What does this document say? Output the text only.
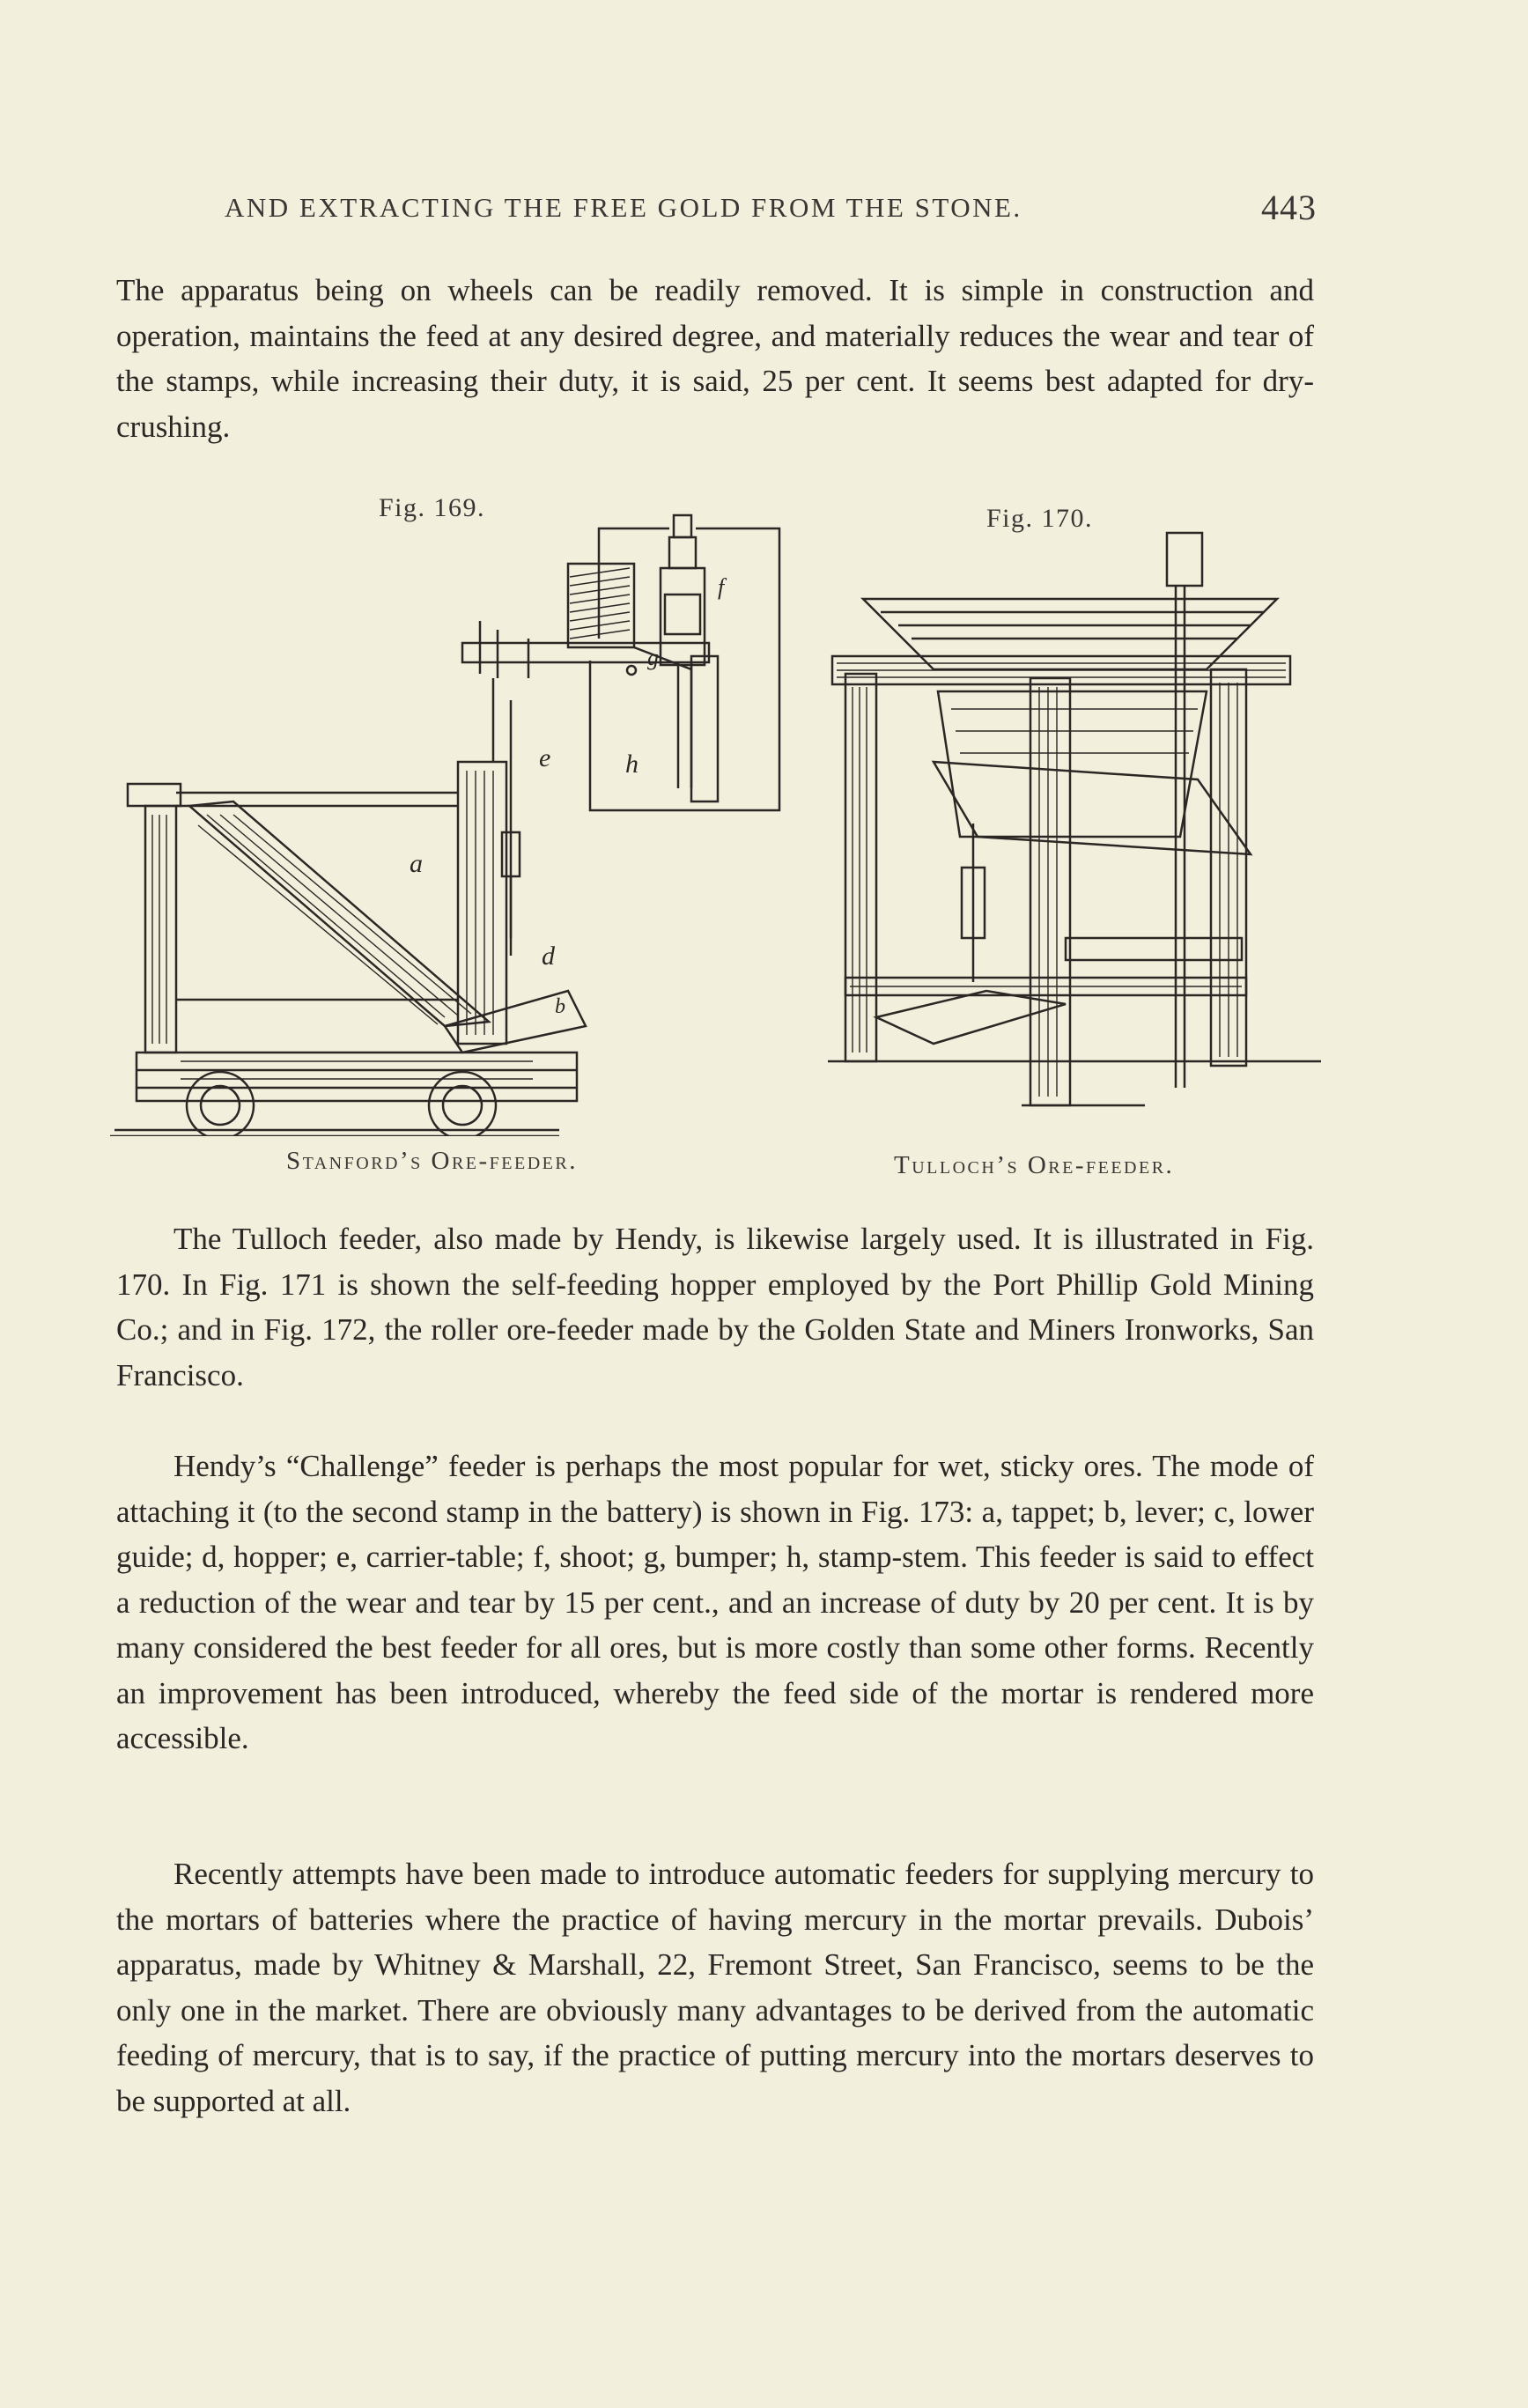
AND EXTRACTING THE FREE GOLD FROM THE STONE.	443

The apparatus being on wheels can be readily removed. It is simple in construction and operation, maintains the feed at any desired degree, and materially reduces the wear and tear of the stamps, while increasing their duty, it is said, 25 per cent. It seems best adapted for dry-crushing.

Fig. 169.	Fig. 170.
a
b
d
e
f
g
h
Stanford’s Ore-feeder.	Tulloch’s Ore-feeder.

The Tulloch feeder, also made by Hendy, is likewise largely used. It is illustrated in Fig. 170. In Fig. 171 is shown the self-feeding hopper employed by the Port Phillip Gold Mining Co.; and in Fig. 172, the roller ore-feeder made by the Golden State and Miners Ironworks, San Francisco.

Hendy’s “Challenge” feeder is perhaps the most popular for wet, sticky ores. The mode of attaching it (to the second stamp in the battery) is shown in Fig. 173: a, tappet; b, lever; c, lower guide; d, hopper; e, carrier-table; f, shoot; g, bumper; h, stamp-stem. This feeder is said to effect a reduction of the wear and tear by 15 per cent., and an increase of duty by 20 per cent. It is by many considered the best feeder for all ores, but is more costly than some other forms. Recently an improvement has been introduced, whereby the feed side of the mortar is rendered more accessible.

Recently attempts have been made to introduce automatic feeders for supplying mercury to the mortars of batteries where the practice of having mercury in the mortar prevails. Dubois’ apparatus, made by Whitney & Marshall, 22, Fremont Street, San Francisco, seems to be the only one in the market. There are obviously many advantages to be derived from the automatic feeding of mercury, that is to say, if the practice of putting mercury into the mortars deserves to be supported at all.
